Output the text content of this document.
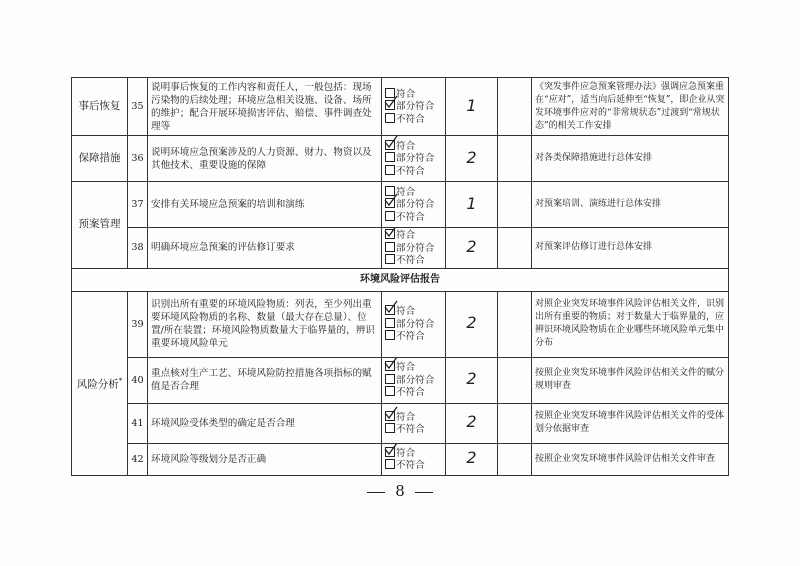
事后恢复	35	说明事后恢复的工作内容和责任人，一般包括：现场污染物的后续处理；环境应急相关设施、设备、场所的维护；配合开展环境损害评估、赔偿、事件调查处理等	符合
部分符合
不符合	1		《突发事件应急预案管理办法》强调应急预案重在“应对”，适当向后延伸至“恢复”，即企业从突发环境事件应对的“非常规状态”过渡到“常规状态”的相关工作安排
保障措施	36	说明环境应急预案涉及的人力资源、财力、物资以及其他技术、重要设施的保障	符合
部分符合
不符合	2		对各类保障措施进行总体安排
预案管理	37	安排有关环境应急预案的培训和演练	符合
部分符合
不符合	1		对预案培训、演练进行总体安排
	38	明确环境应急预案的评估修订要求	符合
部分符合
不符合	2		对预案评估修订进行总体安排
环境风险评估报告						
风险分析*	39	识别出所有重要的环境风险物质：列表，至少列出重要环境风险物质的名称、数量（最大存在总量）、位置/所在装置；环境风险物质数量大于临界量的，辨识重要环境风险单元	符合
部分符合
不符合	2		对照企业突发环境事件风险评估相关文件，识别出所有重要的物质；对于数量大于临界量的，应辨识环境风险物质在企业哪些环境风险单元集中分布
	40	重点核对生产工艺、环境风险防控措施各项指标的赋值是否合理	符合
部分符合
不符合	2		按照企业突发环境事件风险评估相关文件的赋分规则审查
	41	环境风险受体类型的确定是否合理	符合
不符合	2		按照企业突发环境事件风险评估相关文件的受体划分依据审查
	42	环境风险等级划分是否正确	符合
不符合	2		按照企业突发环境事件风险评估相关文件审查
8
